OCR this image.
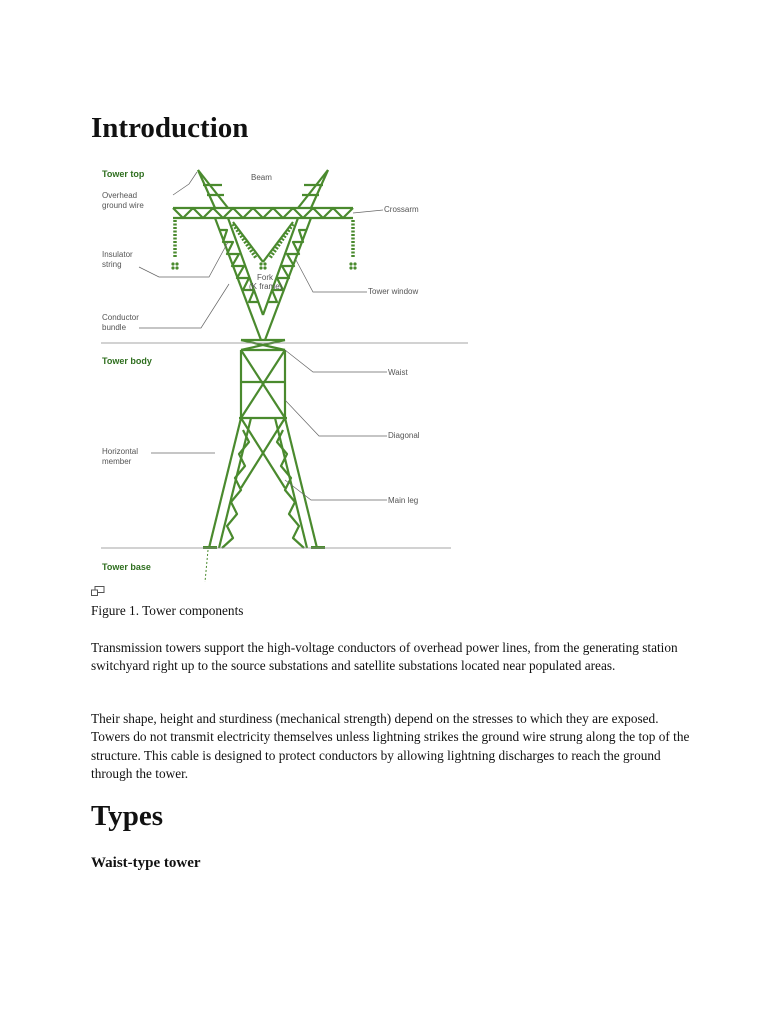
Introduction
Tower top
Overhead
ground wire
Beam
Crossarm
Insulator
string
Fork
(K frame)
Tower window
Conductor
bundle
Tower body
Waist
Diagonal
Horizontal
member
Main leg
Tower base
Figure 1. Tower components

Transmission towers support the high-voltage conductors of overhead power lines, from the generating station switchyard right up to the source substations and satellite substations located near populated areas.

Their shape, height and sturdiness (mechanical strength) depend on the stresses to which they are exposed. Towers do not transmit electricity themselves unless lightning strikes the ground wire strung along the top of the structure. This cable is designed to protect conductors by allowing lightning discharges to reach the ground through the tower.

Types
Waist-type tower
